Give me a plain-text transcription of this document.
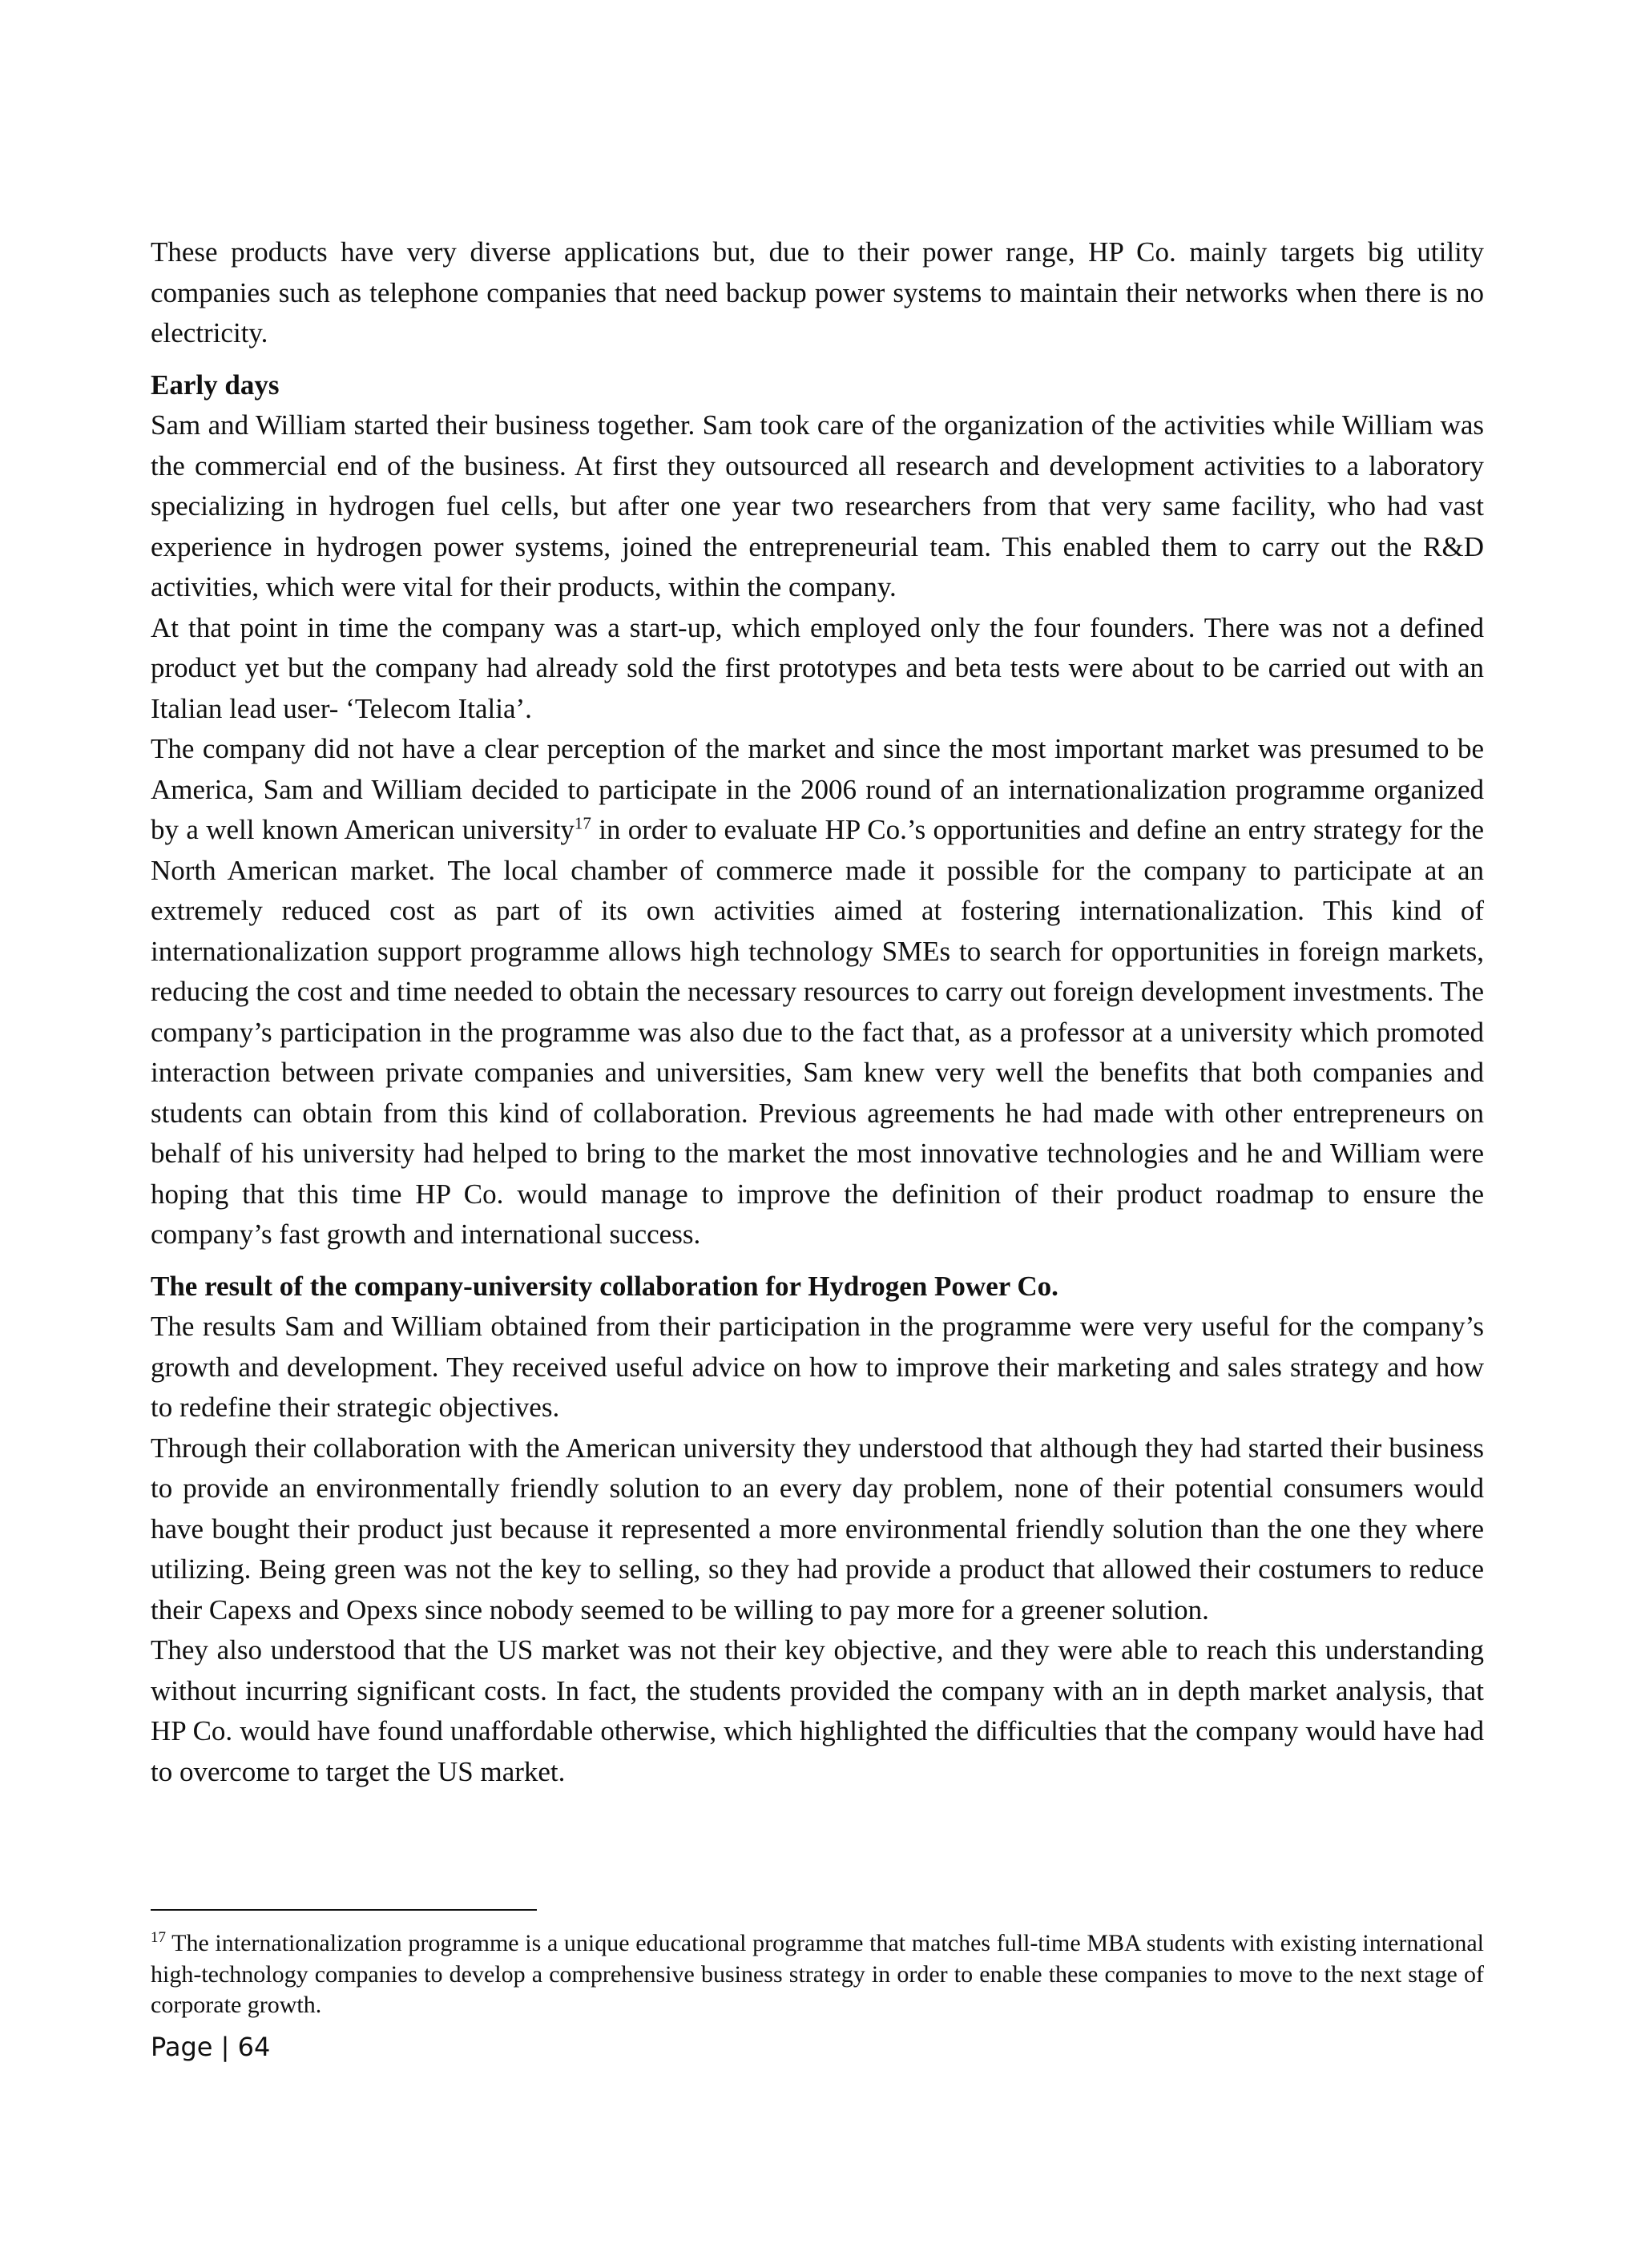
These products have very diverse applications but, due to their power range, HP Co. mainly targets big utility companies such as telephone companies that need backup power systems to maintain their networks when there is no electricity.

Early days

Sam and William started their business together. Sam took care of the organization of the activities while William was the commercial end of the business. At first they outsourced all research and development activities to a laboratory specializing in hydrogen fuel cells, but after one year two researchers from that very same facility, who had vast experience in hydrogen power systems, joined the entrepreneurial team. This enabled them to carry out the R&D activities, which were vital for their products, within the company.

At that point in time the company was a start-up, which employed only the four founders. There was not a defined product yet but the company had already sold the first prototypes and beta tests were about to be carried out with an Italian lead user- ‘Telecom Italia’.

The company did not have a clear perception of the market and since the most important market was presumed to be America, Sam and William decided to participate in the 2006 round of an internationalization programme organized by a well known American university$^{17}$ in order to evaluate HP Co.’s opportunities and define an entry strategy for the North American market. The local chamber of commerce made it possible for the company to participate at an extremely reduced cost as part of its own activities aimed at fostering internationalization. This kind of internationalization support programme allows high technology SMEs to search for opportunities in foreign markets, reducing the cost and time needed to obtain the necessary resources to carry out foreign development investments. The company’s participation in the programme was also due to the fact that, as a professor at a university which promoted interaction between private companies and universities, Sam knew very well the benefits that both companies and students can obtain from this kind of collaboration. Previous agreements he had made with other entrepreneurs on behalf of his university had helped to bring to the market the most innovative technologies and he and William were hoping that this time HP Co. would manage to improve the definition of their product roadmap to ensure the company’s fast growth and international success.

The result of the company-university collaboration for Hydrogen Power Co.

The results Sam and William obtained from their participation in the programme were very useful for the company’s growth and development. They received useful advice on how to improve their marketing and sales strategy and how to redefine their strategic objectives.

Through their collaboration with the American university they understood that although they had started their business to provide an environmentally friendly solution to an every day problem, none of their potential consumers would have bought their product just because it represented a more environmental friendly solution than the one they where utilizing. Being green was not the key to selling, so they had provide a product that allowed their costumers to reduce their Capexs and Opexs since nobody seemed to be willing to pay more for a greener solution.

They also understood that the US market was not their key objective, and they were able to reach this understanding without incurring significant costs. In fact, the students provided the company with an in depth market analysis, that HP Co. would have found unaffordable otherwise, which highlighted the difficulties that the company would have had to overcome to target the US market.

$^{17}$ The internationalization programme is a unique educational programme that matches full-time MBA students with existing international high-technology companies to develop a comprehensive business strategy in order to enable these companies to move to the next stage of corporate growth.

Page | 64
